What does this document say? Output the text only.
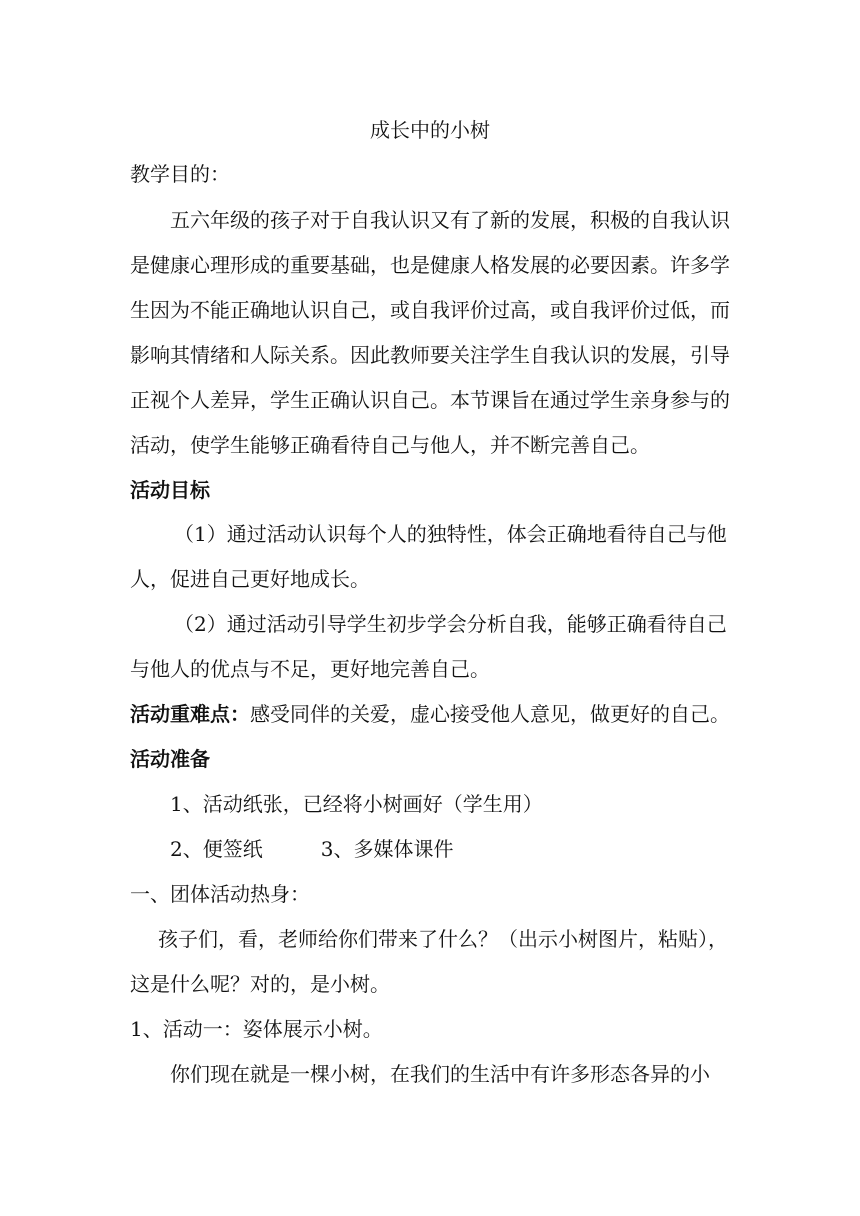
成长中的小树
教学目的：
五六年级的孩子对于自我认识又有了新的发展，积极的自我认识
是健康心理形成的重要基础，也是健康人格发展的必要因素。许多学
生因为不能正确地认识自己，或自我评价过高，或自我评价过低，而
影响其情绪和人际关系。因此教师要关注学生自我认识的发展，引导
正视个人差异，学生正确认识自己。本节课旨在通过学生亲身参与的
活动，使学生能够正确看待自己与他人，并不断完善自己。
活动目标
（1）通过活动认识每个人的独特性，体会正确地看待自己与他
人，促进自己更好地成长。
（2）通过活动引导学生初步学会分析自我，能够正确看待自己
与他人的优点与不足，更好地完善自己。
活动重难点：感受同伴的关爱，虚心接受他人意见，做更好的自己。
活动准备
1、活动纸张，已经将小树画好（学生用）
2、便签纸	3、多媒体课件
一、团体活动热身：
孩子们，看，老师给你们带来了什么？（出示小树图片，粘贴），
这是什么呢？对的，是小树。
1、活动一：姿体展示小树。
你们现在就是一棵小树，在我们的生活中有许多形态各异的小
